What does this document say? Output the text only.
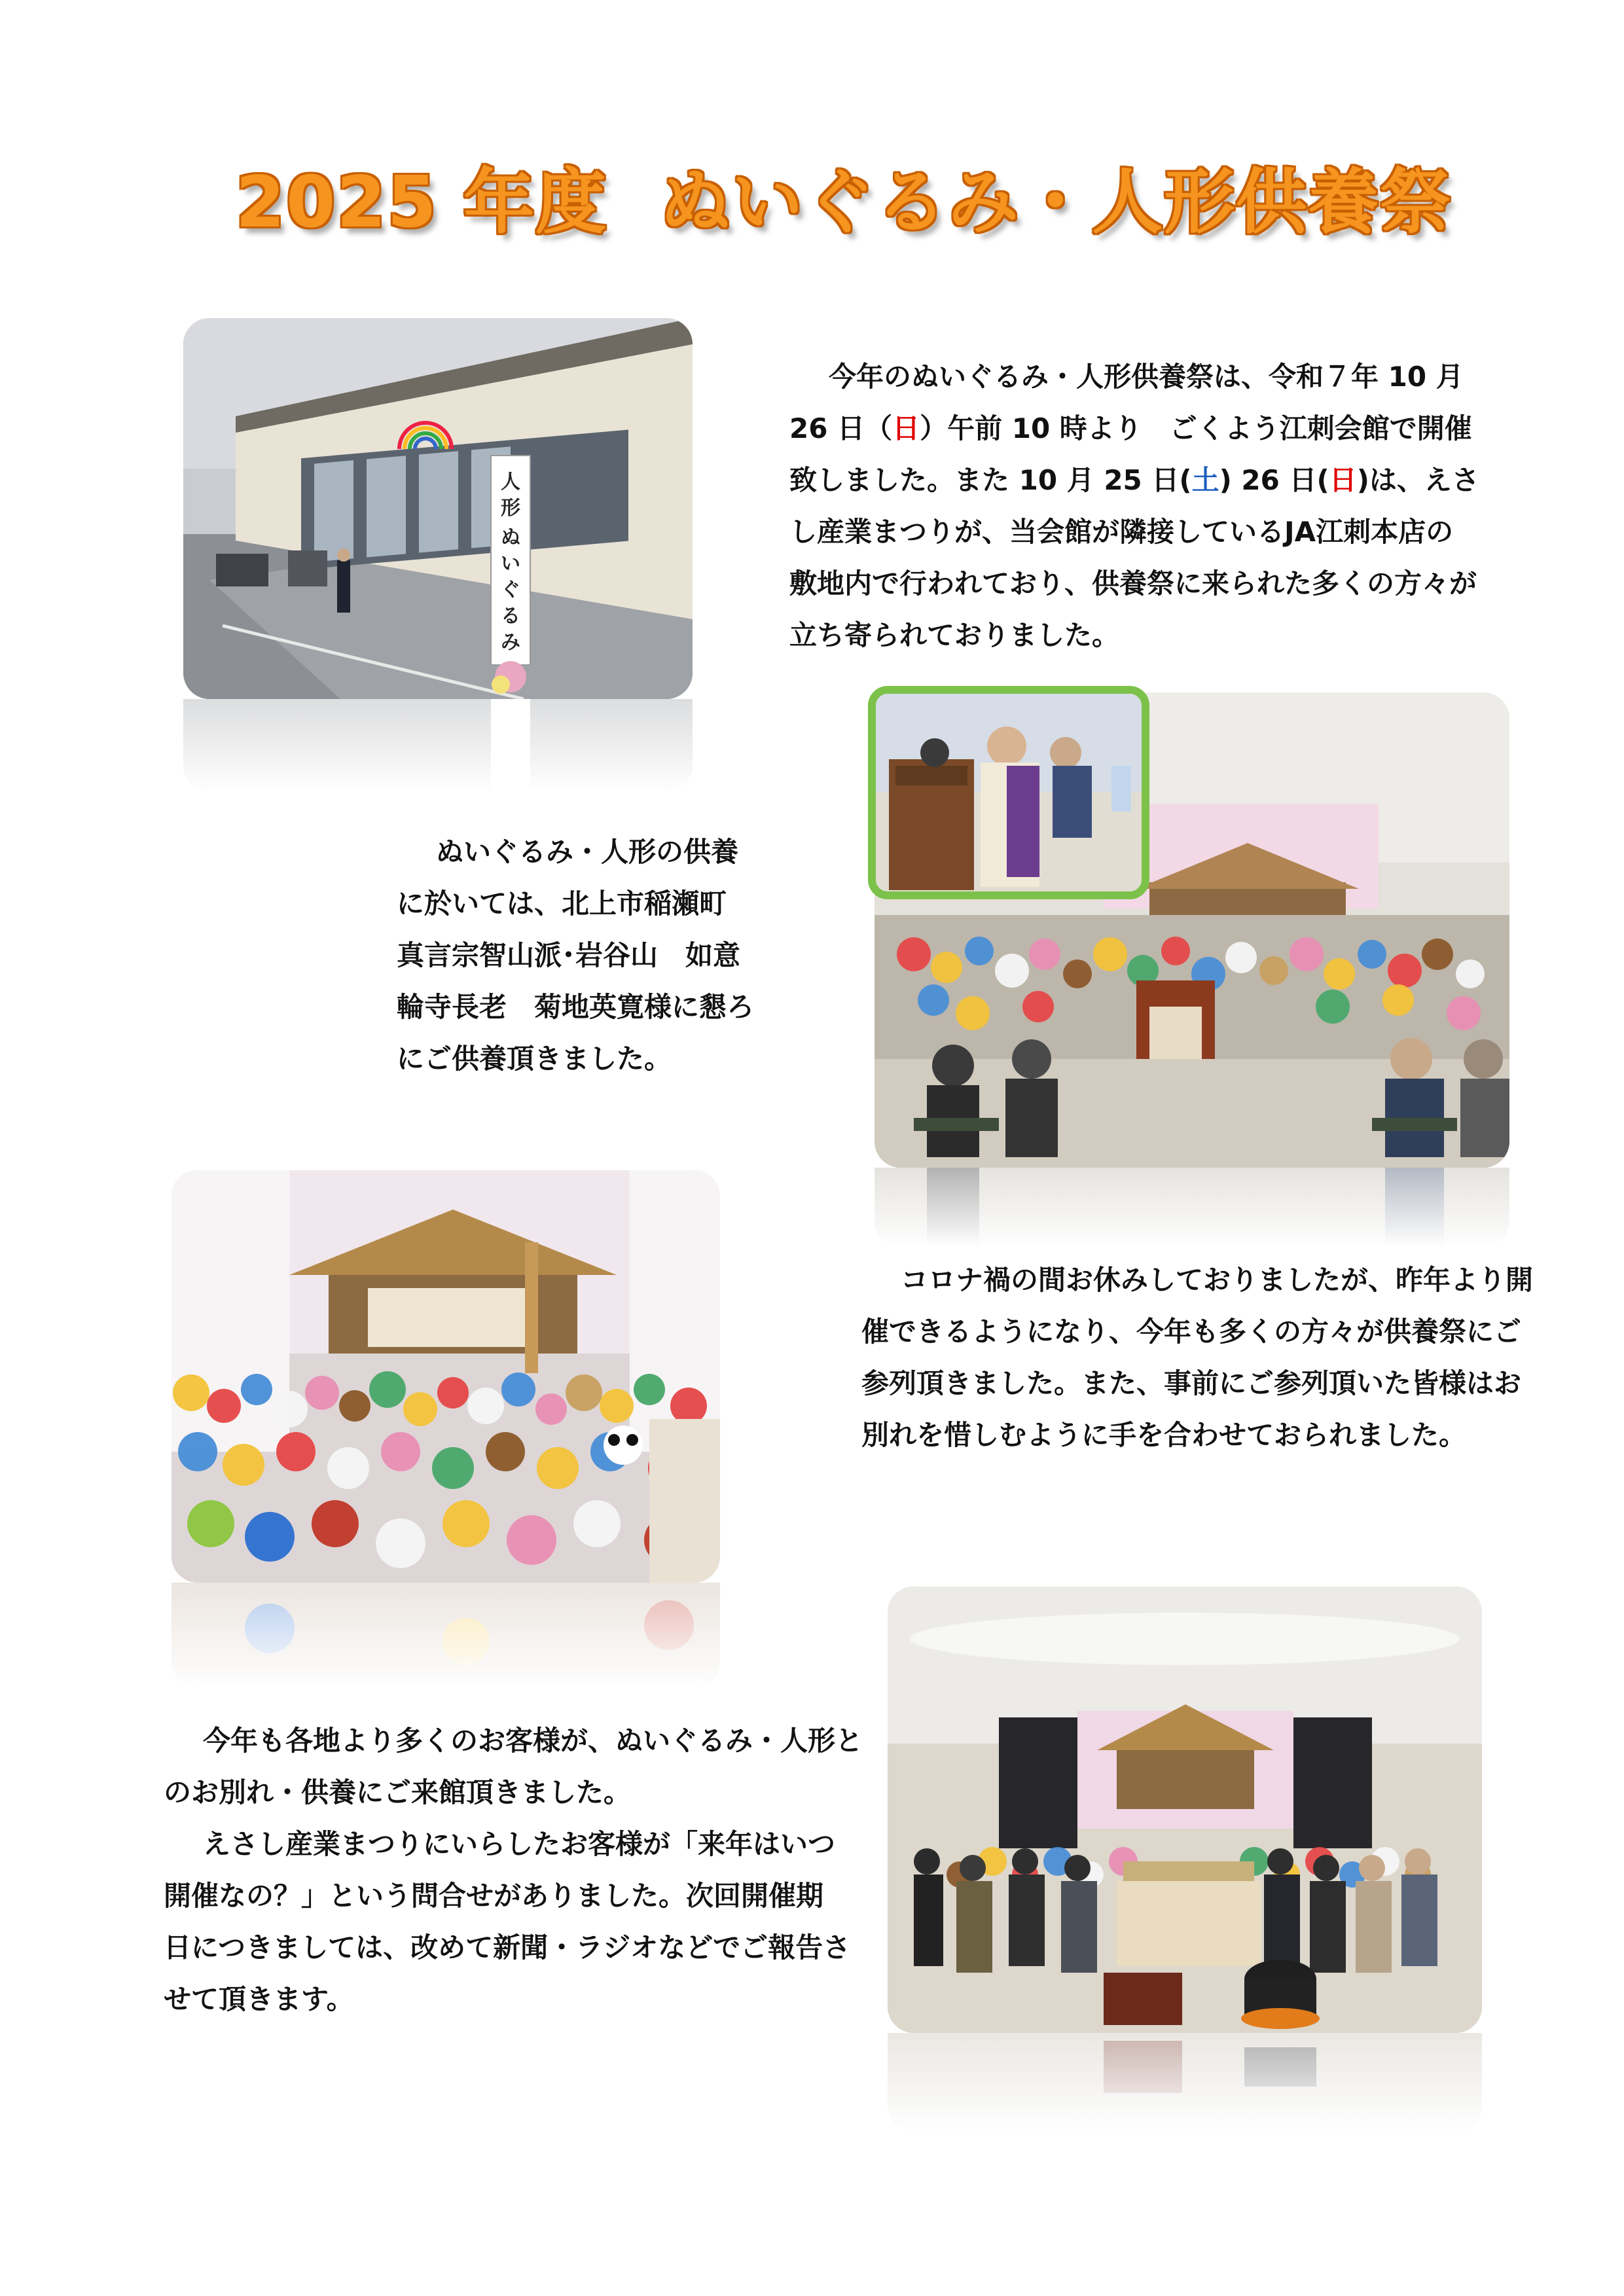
2025 年度 ぬいぐるみ・人形供養祭
人
形
ぬ
い
ぐ
る
み

今年のぬいぐるみ・人形供養祭は、令和７年 10 月

26 日（日）午前 10 時より　ごくよう江刺会館で開催

致しました。また 10 月 25 日(土) 26 日(日)は、えさ

し産業まつりが、当会館が隣接しているJA江刺本店の

敷地内で行われており、供養祭に来られた多くの方々が

立ち寄られておりました。

ぬいぐるみ・人形の供養

に於いては、北上市稲瀬町

真言宗智山派･岩谷山　如意

輪寺長老　菊地英寛様に懇ろ

にご供養頂きました。

コロナ禍の間お休みしておりましたが、昨年より開

催できるようになり、今年も多くの方々が供養祭にご

参列頂きました。また、事前にご参列頂いた皆様はお

別れを惜しむように手を合わせておられました。

今年も各地より多くのお客様が、ぬいぐるみ・人形と

のお別れ・供養にご来館頂きました。

えさし産業まつりにいらしたお客様が「来年はいつ

開催なの？」という問合せがありました。次回開催期

日につきましては、改めて新聞・ラジオなどでご報告さ

せて頂きます。
